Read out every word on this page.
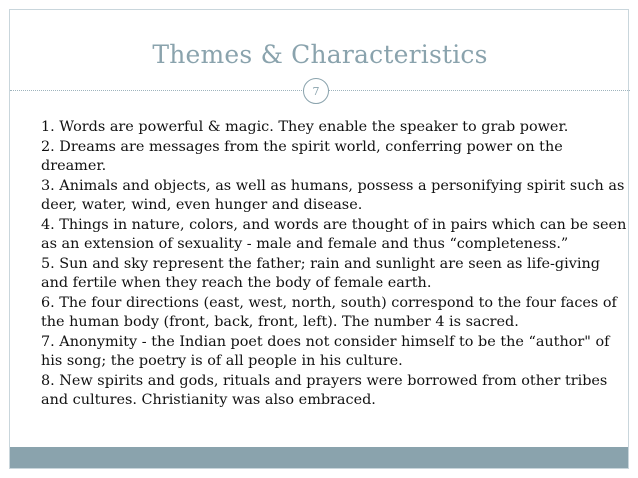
Themes & Characteristics
7
1. Words are powerful & magic. They enable the speaker to grab power.
2. Dreams are messages from the spirit world, conferring power on the dreamer.
3. Animals and objects, as well as humans, possess a personifying spirit such as deer, water, wind, even hunger and disease.
4. Things in nature, colors, and words are thought of in pairs which can be seen as an extension of sexuality - male and female and thus “completeness.”
5. Sun and sky represent the father; rain and sunlight are seen as life-giving and fertile when they reach the body of female earth.
6. The four directions (east, west, north, south) correspond to the four faces of the human body (front, back, front, left). The number 4 is sacred.
7. Anonymity - the Indian poet does not consider himself to be the “author" of his song; the poetry is of all people in his culture.
8. New spirits and gods, rituals and prayers were borrowed from other tribes and cultures. Christianity was also embraced.
